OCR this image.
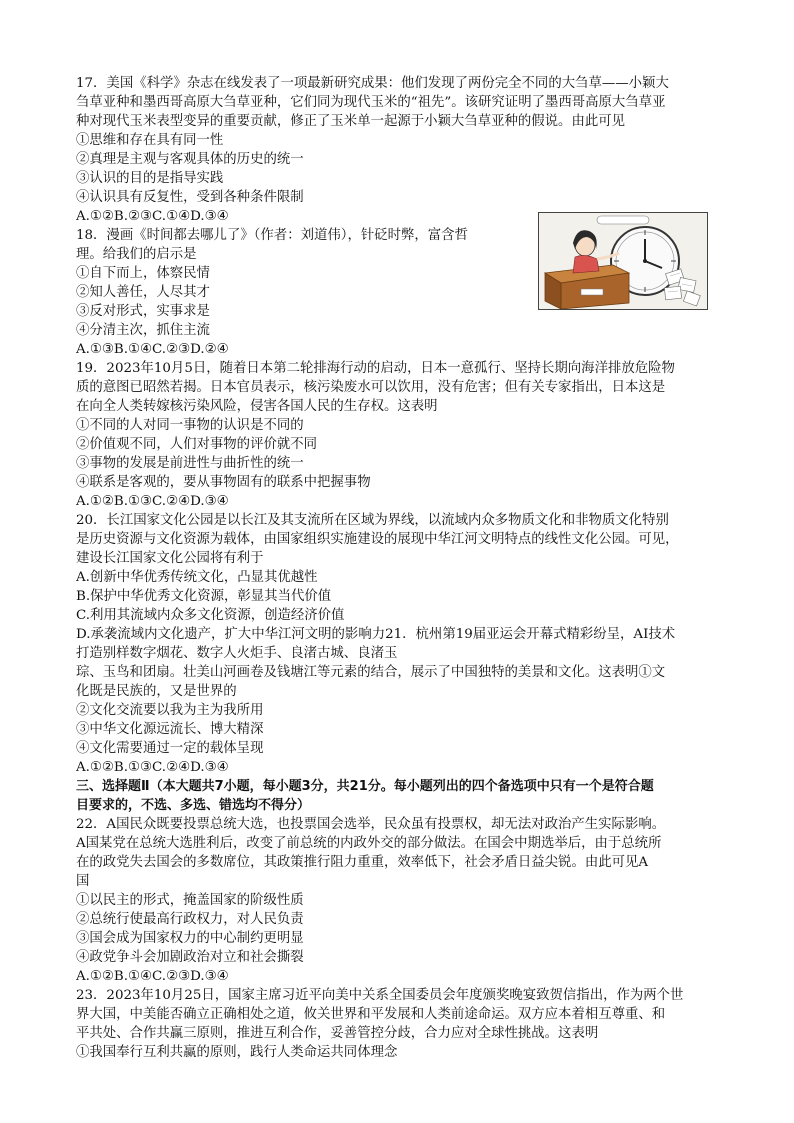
17．美国《科学》杂志在线发表了一项最新研究成果：他们发现了两份完全不同的大刍草——小颖大
刍草亚种和墨西哥高原大刍草亚种，它们同为现代玉米的“祖先”。该研究证明了墨西哥高原大刍草亚
种对现代玉米表型变异的重要贡献，修正了玉米单一起源于小颖大刍草亚种的假说。由此可见
①思维和存在具有同一性
②真理是主观与客观具体的历史的统一
③认识的目的是指导实践
④认识具有反复性，受到各种条件限制
A.①②B.②③C.①④D.③④
18．漫画《时间都去哪儿了》（作者：刘道伟），针砭时弊，富含哲
理。给我们的启示是
①自下而上，体察民情
②知人善任，人尽其才
③反对形式，实事求是
④分清主次，抓住主流
A.①③B.①④C.②③D.②④
19．2023年10月5日，随着日本第二轮排海行动的启动，日本一意孤行、坚持长期向海洋排放危险物
质的意图已昭然若揭。日本官员表示，核污染废水可以饮用，没有危害；但有关专家指出，日本这是
在向全人类转嫁核污染风险，侵害各国人民的生存权。这表明
①不同的人对同一事物的认识是不同的
②价值观不同，人们对事物的评价就不同
③事物的发展是前进性与曲折性的统一
④联系是客观的，要从事物固有的联系中把握事物
A.①②B.①③C.②④D.③④
20．长江国家文化公园是以长江及其支流所在区域为界线，以流域内众多物质文化和非物质文化特别
是历史资源与文化资源为载体，由国家组织实施建设的展现中华江河文明特点的线性文化公园。可见，
建设长江国家文化公园将有利于
A.创新中华优秀传统文化，凸显其优越性
B.保护中华优秀文化资源，彰显其当代价值
C.利用其流域内众多文化资源，创造经济价值
D.承袭流域内文化遗产，扩大中华江河文明的影响力21．杭州第19届亚运会开幕式精彩纷呈，AI技术
打造别样数字烟花、数字人火炬手、良渚古城、良渚玉
琮、玉鸟和团扇。壮美山河画卷及钱塘江等元素的结合，展示了中国独特的美景和文化。这表明①文
化既是民族的，又是世界的
②文化交流要以我为主为我所用
③中华文化源远流长、博大精深
④文化需要通过一定的载体呈现
A.①②B.①③C.②④D.③④
三、选择题Ⅱ（本大题共7小题，每小题3分，共21分。每小题列出的四个备选项中只有一个是符合题
目要求的，不选、多选、错选均不得分）
22．A国民众既要投票总统大选，也投票国会选举，民众虽有投票权，却无法对政治产生实际影响。
A国某党在总统大选胜利后，改变了前总统的内政外交的部分做法。在国会中期选举后，由于总统所
在的政党失去国会的多数席位，其政策推行阻力重重，效率低下，社会矛盾日益尖锐。由此可见A
国
①以民主的形式，掩盖国家的阶级性质
②总统行使最高行政权力，对人民负责
③国会成为国家权力的中心制约更明显
④政党争斗会加剧政治对立和社会撕裂
A.①②B.①④C.②③D.③④
23．2023年10月25日，国家主席习近平向美中关系全国委员会年度颁奖晚宴致贺信指出，作为两个世
界大国，中美能否确立正确相处之道，攸关世界和平发展和人类前途命运。双方应本着相互尊重、和
平共处、合作共赢三原则，推进互利合作，妥善管控分歧，合力应对全球性挑战。这表明
①我国奉行互利共赢的原则，践行人类命运共同体理念
